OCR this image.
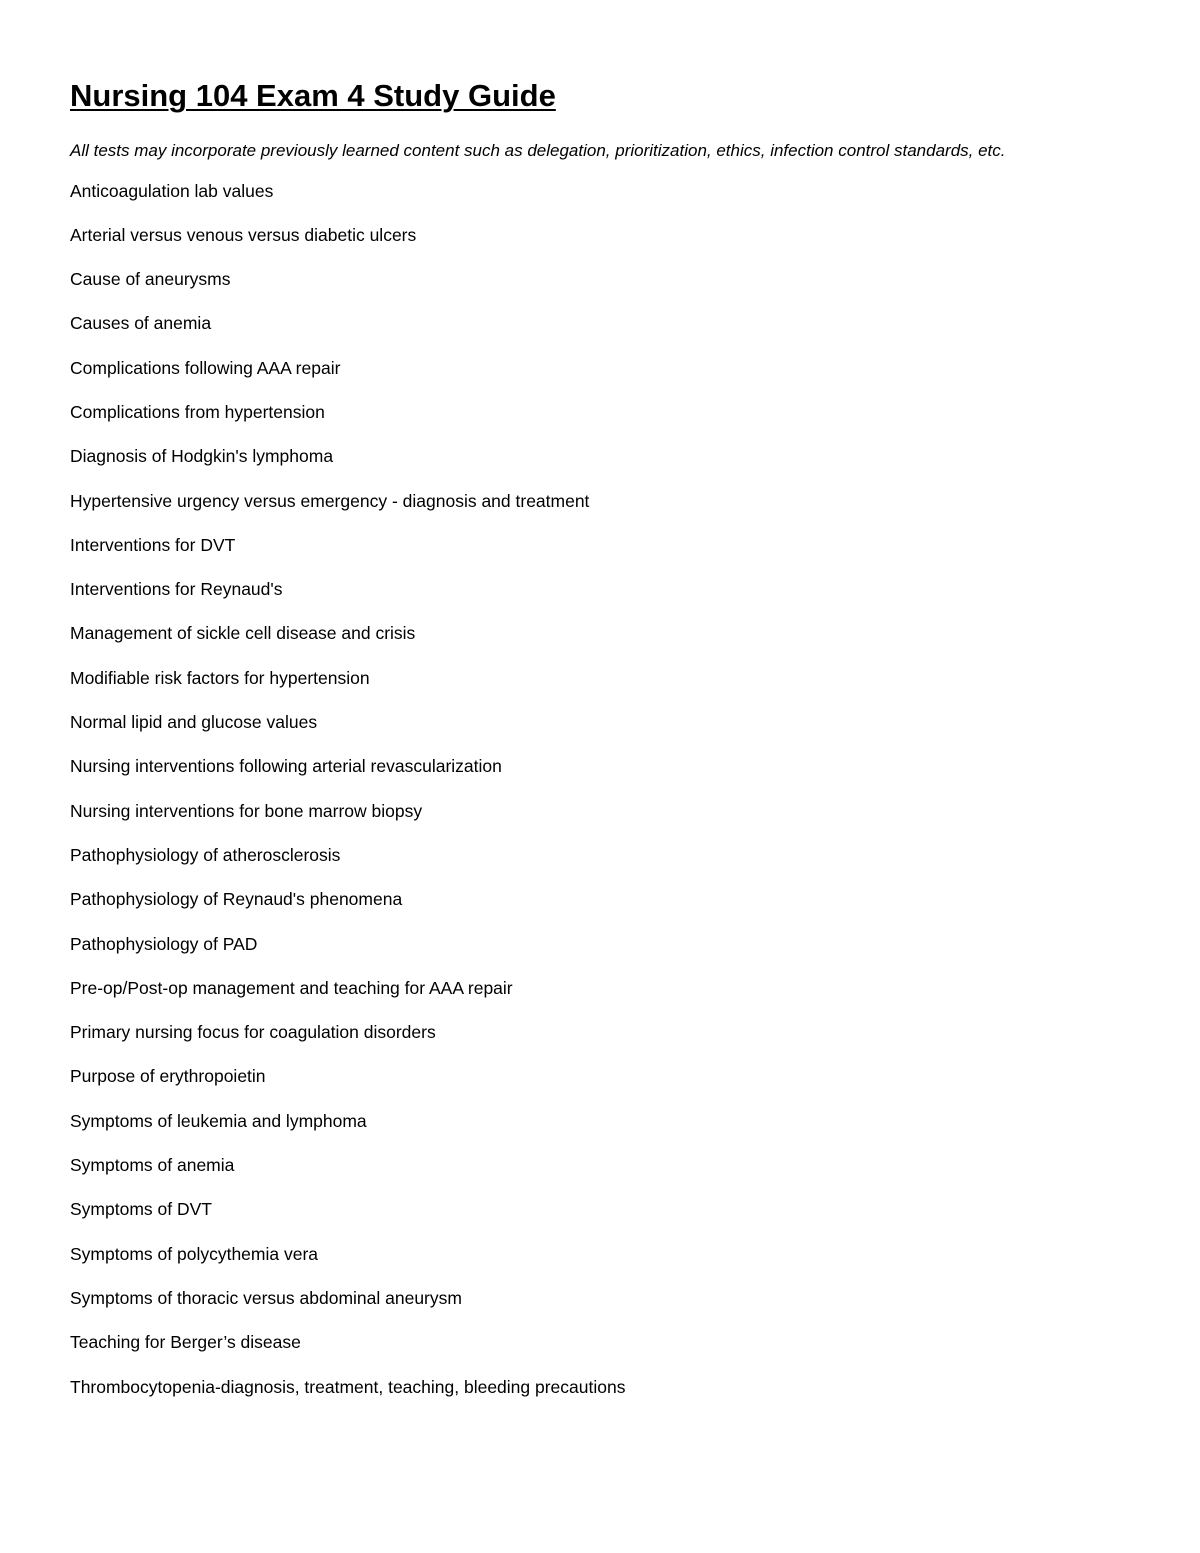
Nursing 104 Exam 4 Study Guide

All tests may incorporate previously learned content such as delegation, prioritization, ethics, infection control standards, etc.

Anticoagulation lab values
Arterial versus venous versus diabetic ulcers
Cause of aneurysms
Causes of anemia
Complications following AAA repair
Complications from hypertension
Diagnosis of Hodgkin's lymphoma
Hypertensive urgency versus emergency - diagnosis and treatment
Interventions for DVT
Interventions for Reynaud's
Management of sickle cell disease and crisis
Modifiable risk factors for hypertension
Normal lipid and glucose values
Nursing interventions following arterial revascularization
Nursing interventions for bone marrow biopsy
Pathophysiology of atherosclerosis
Pathophysiology of Reynaud's phenomena
Pathophysiology of PAD
Pre-op/Post-op management and teaching for AAA repair
Primary nursing focus for coagulation disorders
Purpose of erythropoietin
Symptoms of leukemia and lymphoma
Symptoms of anemia
Symptoms of DVT
Symptoms of polycythemia vera
Symptoms of thoracic versus abdominal aneurysm
Teaching for Berger’s disease
Thrombocytopenia-diagnosis, treatment, teaching, bleeding precautions
